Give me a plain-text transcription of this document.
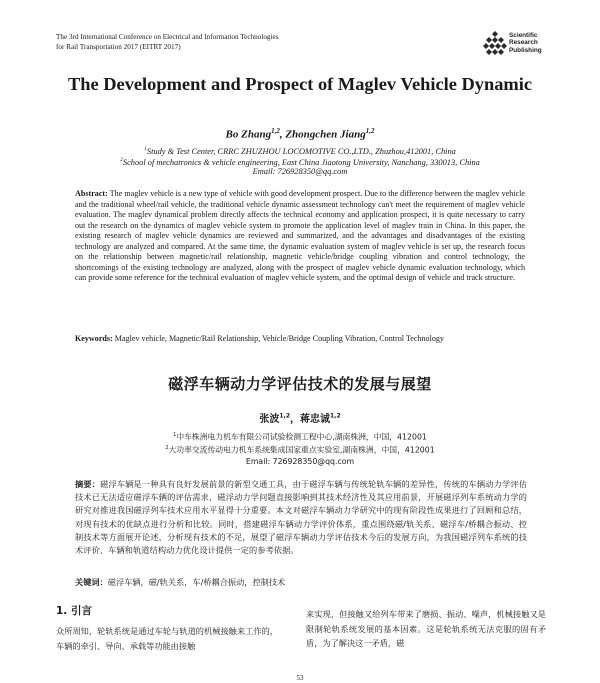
The 3rd International Conference on Electrical and Information Technologies
for Rail Transportation 2017 (EITRT 2017)
Scientific
Research
Publishing
The Development and Prospect of Maglev Vehicle Dynamic
Bo Zhang$^{1,2}$, Zhongchen Jiang$^{1,2}$
$^1$Study & Test Center, CRRC ZHUZHOU LOCOMOTIVE CO.,LTD., Zhuzhou,412001, China
$^2$School of mechatronics & vehicle engineering, East China Jiaotong University, Nanchang, 330013, China
Email: 726928350@qq.com
Abstract: The maglev vehicle is a new type of vehicle with good development prospect. Due to the difference between the maglev vehicle and the traditional wheel/rail vehicle, the traditional vehicle dynamic assessment technology can't meet the requirement of maglev vehicle evaluation. The maglev dynamical problem directly affects the technical economy and application prospect, it is quite necessary to carry out the research on the dynamics of maglev vehicle system to promote the application level of maglev train in China. In this paper, the existing research of maglev vehicle dynamics are reviewed and summarized, and the advantages and disadvantages of the existing technology are analyzed and compared. At the same time, the dynamic evaluation system of maglev vehicle is set up, the research focus on the relationship between magnetic/rail relationship, magnetic vehicle/bridge coupling vibration and control technology, the shortcomings of the existing technology are analyzed, along with the prospect of maglev vehicle dynamic evaluation technology, which can provide some reference for the technical evaluation of maglev vehicle system, and the optimal design of vehicle and track structure.
Keywords: Maglev vehicle, Magnetic/Rail Relationship, Vehicle/Bridge Coupling Vibration, Control Technology
磁浮车辆动力学评估技术的发展与展望
张波$^{1,2}$，蒋忠诚$^{1,2}$
$^1$中车株洲电力机车有限公司试验检测工程中心,湖南株洲，中国，412001
$^2$大功率交流传动电力机车系统集成国家重点实验室,湖南株洲，中国，412001
Email: 726928350@qq.com
摘要：磁浮车辆是一种具有良好发展前景的新型交通工具，由于磁浮车辆与传统轮轨车辆的差异性，传统的车辆动力学评估技术已无法适应磁浮车辆的评估需求，磁浮动力学问题直接影响到其技术经济性及其应用前景，开展磁浮列车系统动力学的研究对推进我国磁浮列车技术应用水平显得十分重要。本文对磁浮车辆动力学研究中的现有阶段性成果进行了回顾和总结，对现有技术的优缺点进行分析和比较。同时，搭建磁浮车辆动力学评价体系，重点围绕磁/轨关系、磁浮车/桥耦合振动、控制技术等方面展开论述，分析现有技术的不足，展望了磁浮车辆动力学评估技术今后的发展方向，为我国磁浮列车系统的技术评价、车辆和轨道结构动力优化设计提供一定的参考依据。
关键词：磁浮车辆，磁/轨关系，车/桥耦合振动，控制技术
1. 引言
众所周知，轮轨系统是通过车轮与轨道的机械接触来工作的，车辆的牵引、导向、承载等功能由接触
来实现，但接触又给列车带来了磨损、振动、噪声，机械接触又是限制轮轨系统发展的基本因素。这是轮轨系统无法克服的固有矛盾，为了解决这一矛盾，磁
53
